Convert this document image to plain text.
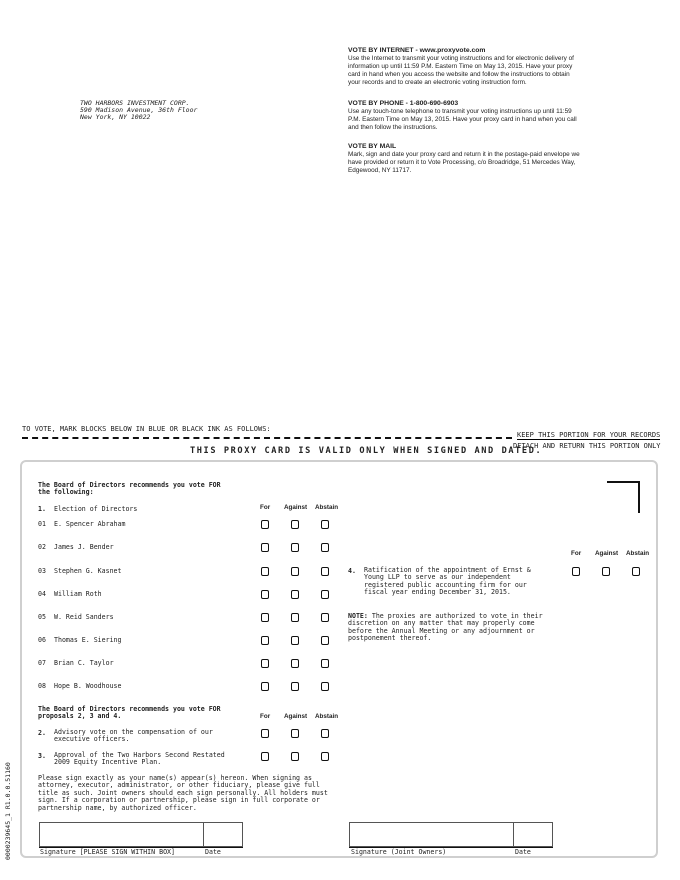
TWO HARBORS INVESTMENT CORP.
590 Madison Avenue, 36th Floor
New York, NY 10022
VOTE BY INTERNET - www.proxyvote.com
Use the Internet to transmit your voting instructions and for electronic delivery of
information up until 11:59 P.M. Eastern Time on May 13, 2015. Have your proxy
card in hand when you access the website and follow the instructions to obtain
your records and to create an electronic voting instruction form.
VOTE BY PHONE - 1-800-690-6903
Use any touch-tone telephone to transmit your voting instructions up until 11:59
P.M. Eastern Time on May 13, 2015. Have your proxy card in hand when you call
and then follow the instructions.
VOTE BY MAIL
Mark, sign and date your proxy card and return it in the postage-paid envelope we
have provided or return it to Vote Processing, c/o Broadridge, 51 Mercedes Way,
Edgewood, NY 11717.
TO VOTE, MARK BLOCKS BELOW IN BLUE OR BLACK INK AS FOLLOWS:
KEEP THIS PORTION FOR YOUR RECORDS
DETACH AND RETURN THIS PORTION ONLY
THIS PROXY CARD IS VALID ONLY WHEN SIGNED AND DATED.
The Board of Directors recommends you vote FOR
the following:
For Against Abstain
1. Election of Directors
01 E. Spencer Abraham
02 James J. Bender
03 Stephen G. Kasnet
04 William Roth
05 W. Reid Sanders
06 Thomas E. Siering
07 Brian C. Taylor
08 Hope B. Woodhouse
The Board of Directors recommends you vote FOR
proposals 2, 3 and 4.	For Against Abstain
2. Advisory vote on the compensation of our
executive officers.
3. Approval of the Two Harbors Second Restated
2009 Equity Incentive Plan.
For Against Abstain
4. Ratification of the appointment of Ernst &
Young LLP to serve as our independent
registered public accounting firm for our
fiscal year ending December 31, 2015.
NOTE: The proxies are authorized to vote in their
discretion on any matter that may properly come
before the Annual Meeting or any adjournment or
postponement thereof.
Please sign exactly as your name(s) appear(s) hereon. When signing as
attorney, executor, administrator, or other fiduciary, please give full
title as such. Joint owners should each sign personally. All holders must
sign. If a corporation or partnership, please sign in full corporate or
partnership name, by authorized officer.
Signature [PLEASE SIGN WITHIN BOX]	Date	Signature (Joint Owners)	Date
0000239645_1 R1.0.0.51160
